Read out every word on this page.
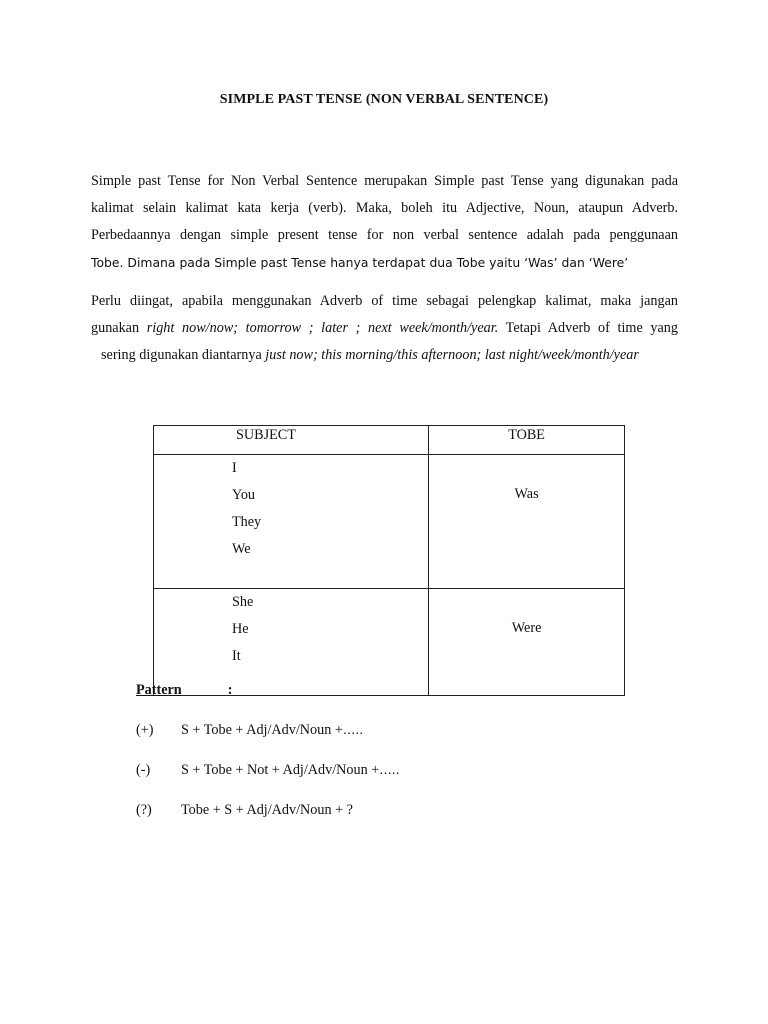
SIMPLE PAST TENSE (NON VERBAL SENTENCE)
Simple past Tense for Non Verbal Sentence merupakan Simple past Tense yang digunakan pada
kalimat selain kalimat kata kerja (verb). Maka, boleh itu Adjective, Noun, ataupun Adverb.
Perbedaannya dengan simple present tense for non verbal sentence adalah pada penggunaan
Tobe. Dimana pada Simple past Tense hanya terdapat dua Tobe yaitu ‘Was’ dan ‘Were’
Perlu diingat, apabila menggunakan Adverb of time sebagai pelengkap kalimat, maka jangan
gunakan right now/now; tomorrow ; later ; next week/month/year. Tetapi Adverb of time yang
sering digunakan diantarnya just now; this morning/this afternoon; last night/week/month/year
SUBJECT	TOBE

I
You
They
We	Was

She
He
It	Were
Pattern	:
(+) S + Tobe + Adj/Adv/Noun +…..
(-) S + Tobe + Not + Adj/Adv/Noun +…..
(?) Tobe + S + Adj/Adv/Noun + ?
